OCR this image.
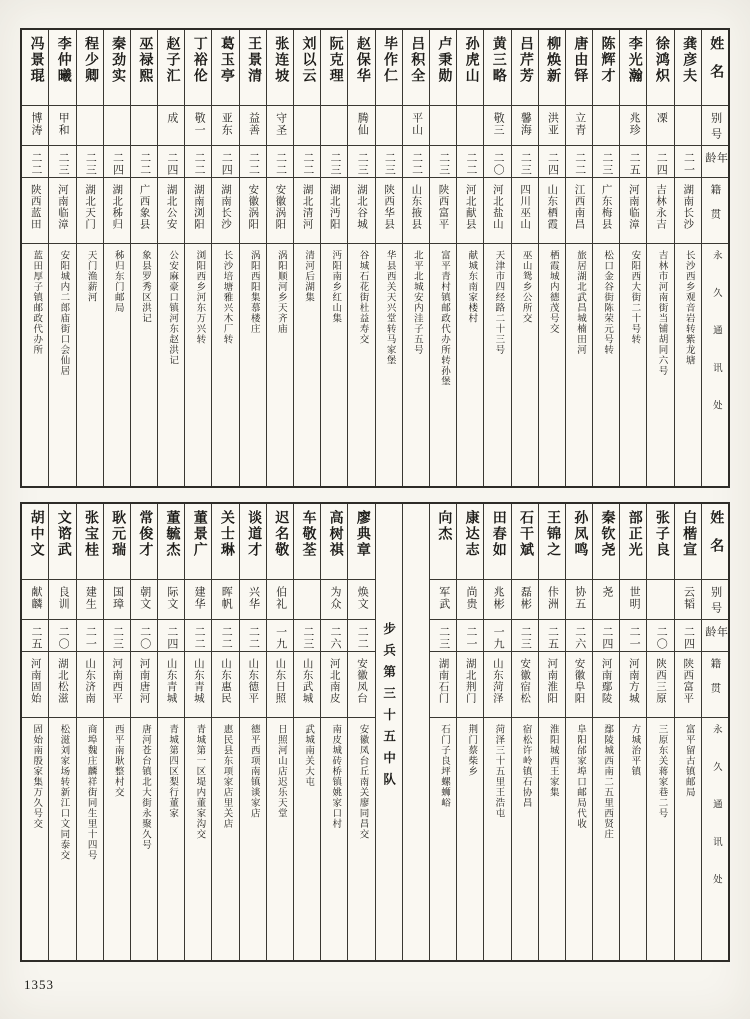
姓名
别号
年龄
籍贯
永久通讯处
龚彦夫
二一
湖南长沙
长沙西乡观音岩转紫龙塘
徐鸿炽
凓
二四
吉林永吉
吉林市河南街当铺胡同六号
李光瀚
兆珍
二五
河南临漳
安阳西大街二十号转
陈辉才
二三
广东梅县
松口金谷街陈荣元号转
唐由铎
立青
二二
江西南昌
旅居湖北武昌城楠田河
柳焕新
洪亚
二四
山东栖霞
栖霞城内德茂号交
吕芹芳
馨海
二三
四川巫山
巫山鸳乡公所交
黄三略
敬三
二〇
河北盐山
天津市四经路二十三号
孙虎山
二二
河北献县
献城东南家楼村
卢秉勋
二三
陕西富平
富平青村镇邮政代办所转孙堡
吕积全
平山
二二
山东掖县
北平北城安内洼子五号
毕作仁
二三
陕西华县
华县西关天兴堂转马家堡
赵保华
腾仙
二三
湖北谷城
谷城石花街杜益寿交
阮克理
二三
湖北沔阳
沔阳南乡红山集
刘以云
二二
湖北清河
清河后湖集
张连坡
守圣
二二
安徽涡阳
涡阳顺河乡天齐庙
王景清
益善
二二
安徽涡阳
涡阳西阳集慕楼庄
葛玉亭
亚东
二四
湖南长沙
长沙培塘雅兴木厂转
丁裕伦
敬一
二二
湖南浏阳
浏阳西乡河东万兴转
赵子汇
成
二四
湖北公安
公安麻豪口镇河东赵洪记
巫禄熙
二二
广西象县
象县罗秀区洪记
秦劲实
二四
湖北秭归
秭归东门邮局
程少卿
二三
湖北天门
天门渔薪河
李仲曦
甲和
二三
河南临漳
安阳城内二郎庙街口会仙居
冯景琨
博涛
二二
陕西蓝田
蓝田厚子镇邮政代办所
姓名
别号
年龄
籍贯
永久通讯处
白楷宣
云韬
二四
陕西富平
富平留古镇邮局
张子良
二〇
陕西三原
三原东关蒋家巷二号
部正光
世明
二一
河南方城
方城治平镇
秦钦尧
尧
二四
河南鄢陵
鄢陵城西南二五里西贤庄
孙凤鸣
协五
二六
安徽阜阳
阜阳邰家埠口邮局代收
王锦之
佧洲
二五
河南淮阳
淮阳城西王家集
石干斌
磊彬
二三
安徽宿松
宿松许岭镇石协昌
田春如
兆彬
一九
山东菏泽
菏泽三十五里王浩屯
康达志
尚贵
二一
湖北荆门
荆门蔡柴乡
向杰
军武
二三
湖南石门
石门子良坪螺蛳峪
步兵第三十五中队
廖典章
焕文
二二
安徽凤台
安徽凤台丘南关廖同昌交
高树祺
为众
二六
河北南皮
南皮城砖桥镇姚家口村
车敬荃
二三
山东武城
武城南关大屯
迟名敬
伯礼
一九
山东日照
日照河山店迟乐天堂
谈道才
兴华
二二
山东德平
德平西项南镇谈家店
关士琳
晖帆
二二
山东惠民
惠民县东项家店里关店
董景广
建华
二二
山东青城
青城第一区堤内董家沟交
董毓杰
际文
二四
山东青城
青城第四区梨行董家
常俊才
朝文
二〇
河南唐河
唐河苍台镇北大街永聚久号
耿元瑞
国璋
二三
河南西平
西平南耿整村交
张宝桂
建生
二一
山东济南
商埠魏庄麟祥街同生里十四号
文谘武
良训
二〇
湖北松滋
松滋刘家场转新江口文同泰交
胡中文
献麟
二五
河南固始
固始南殷家集万久号交
1353
